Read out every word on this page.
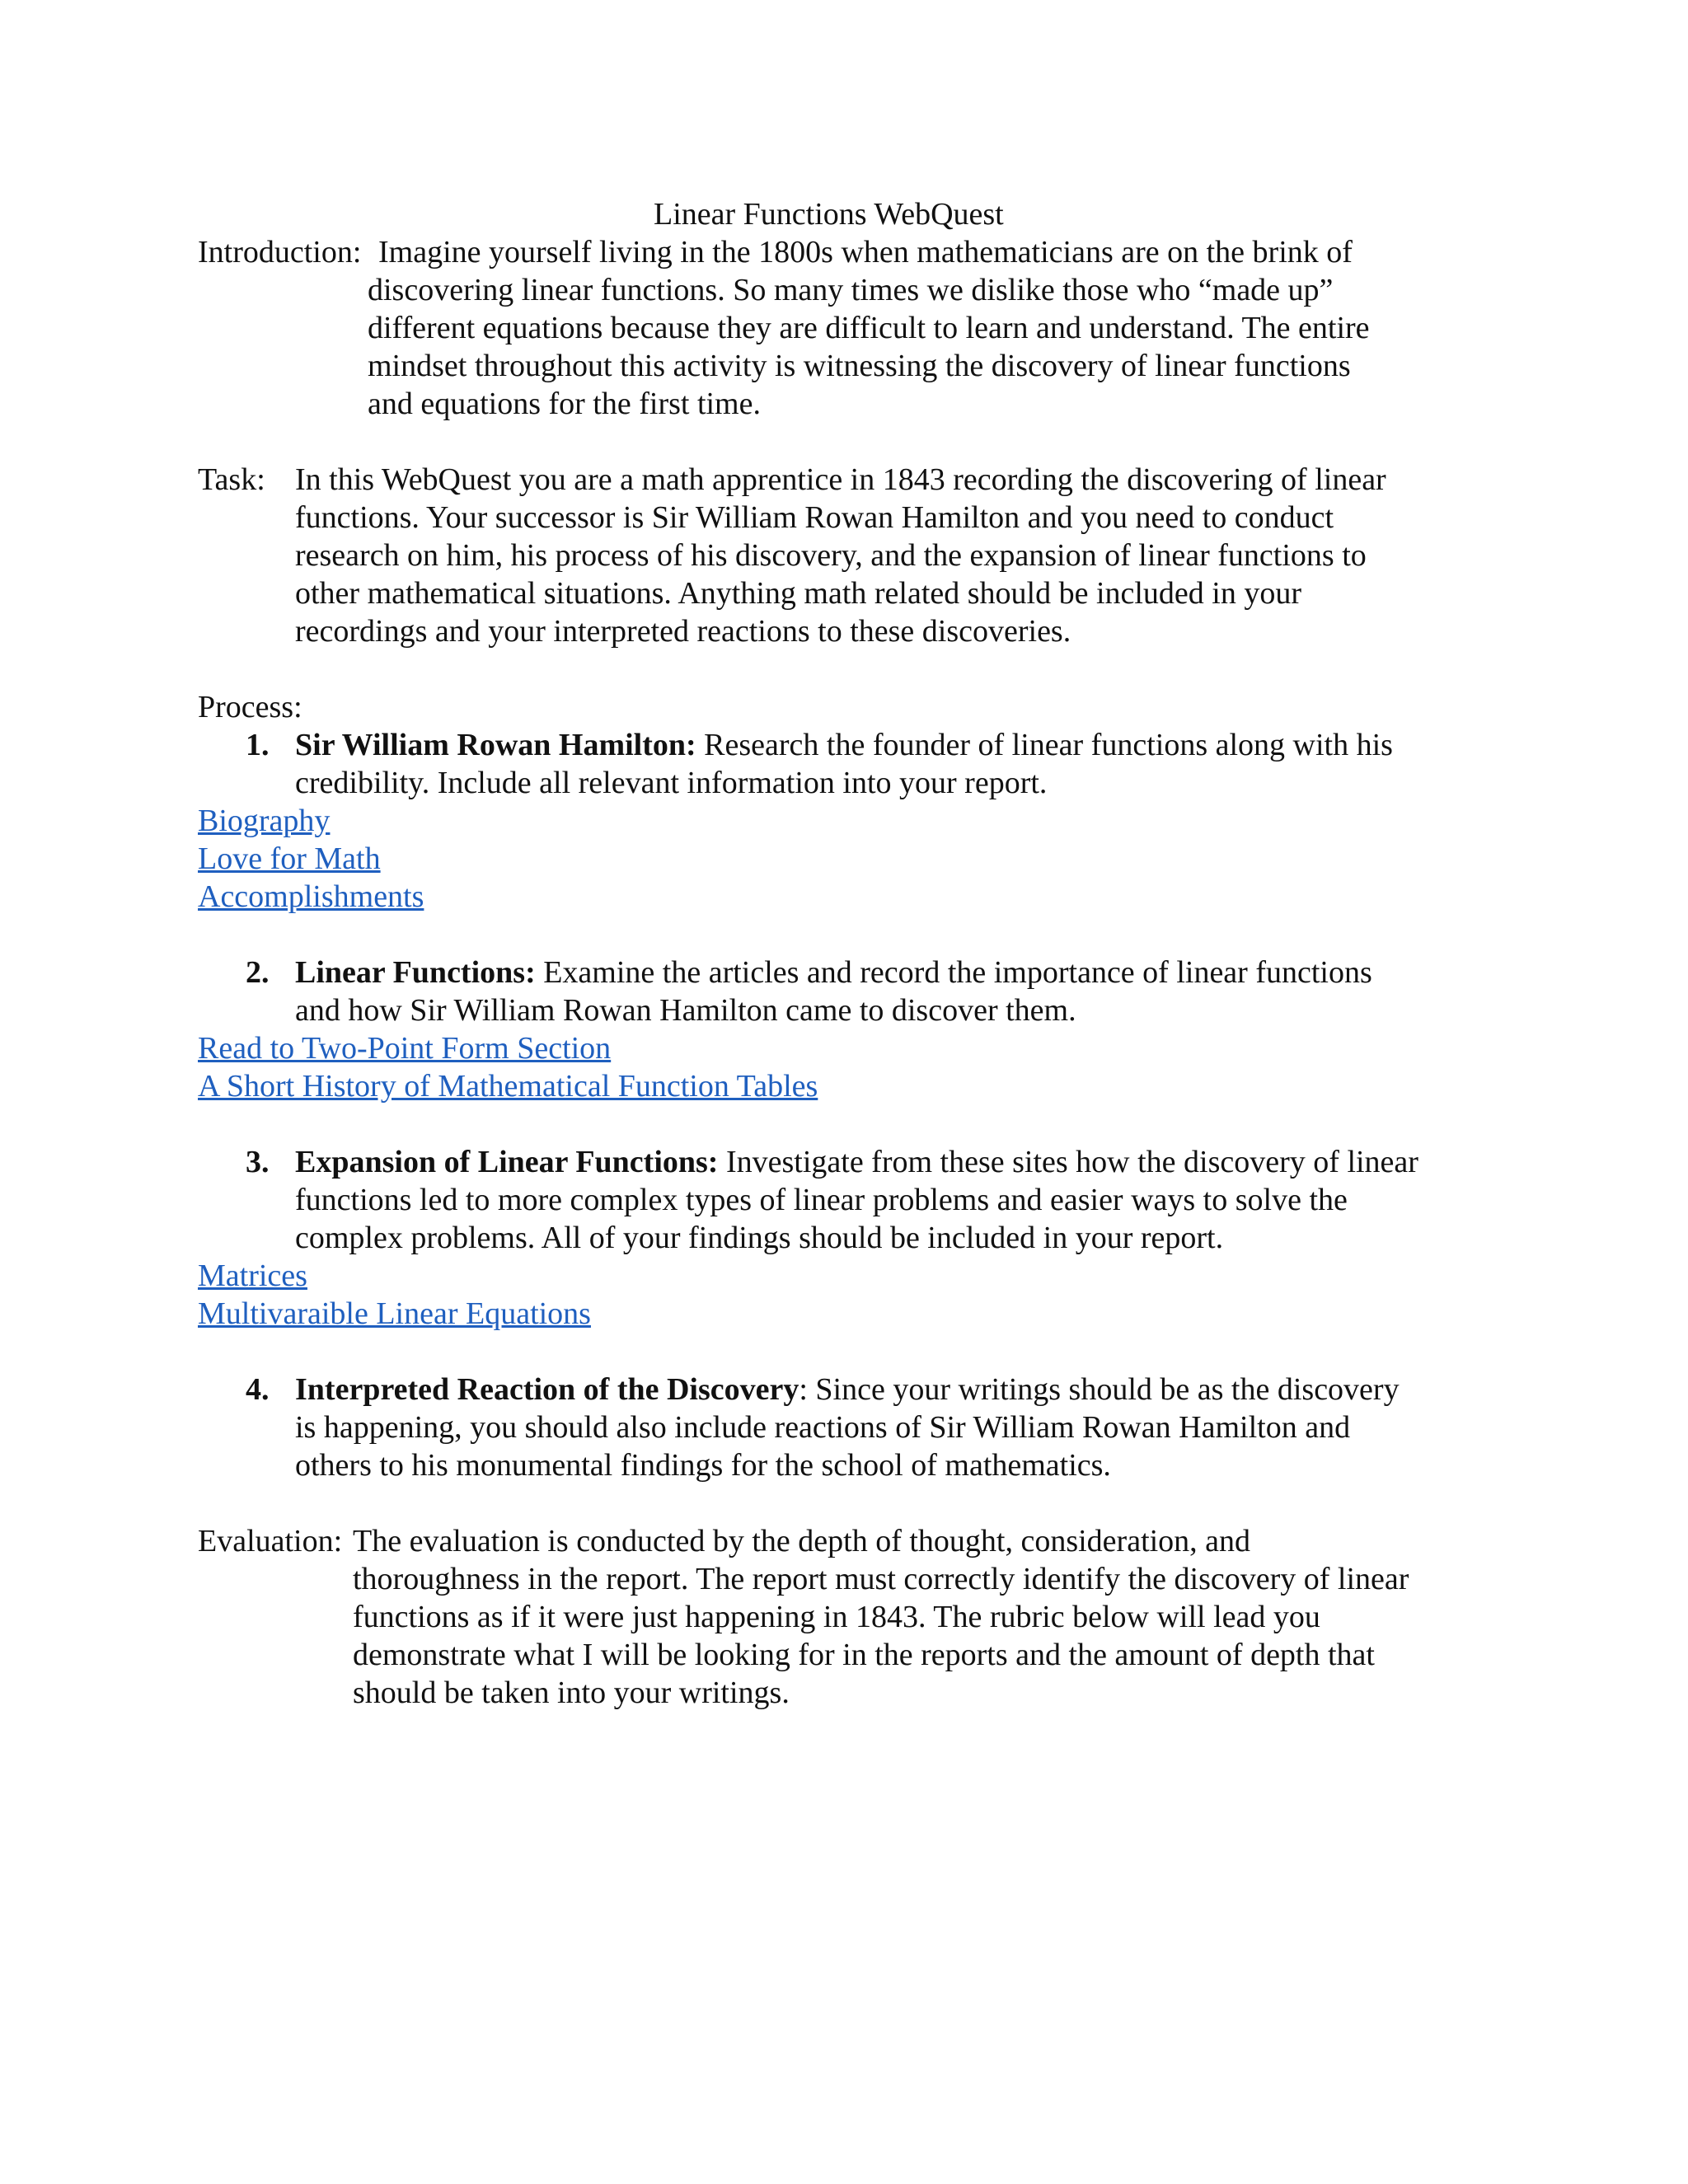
Linear Functions WebQuest
Introduction: Imagine yourself living in the 1800s when mathematicians are on the brink of
discovering linear functions. So many times we dislike those who “made up”
different equations because they are difficult to learn and understand. The entire
mindset throughout this activity is witnessing the discovery of linear functions
and equations for the first time.
Task: In this WebQuest you are a math apprentice in 1843 recording the discovering of linear
functions. Your successor is Sir William Rowan Hamilton and you need to conduct
research on him, his process of his discovery, and the expansion of linear functions to
other mathematical situations. Anything math related should be included in your
recordings and your interpreted reactions to these discoveries.
Process:
1. Sir William Rowan Hamilton: Research the founder of linear functions along with his
credibility. Include all relevant information into your report.
Biography
Love for Math
Accomplishments
2. Linear Functions: Examine the articles and record the importance of linear functions
and how Sir William Rowan Hamilton came to discover them.
Read to Two-Point Form Section
A Short History of Mathematical Function Tables
3. Expansion of Linear Functions: Investigate from these sites how the discovery of linear
functions led to more complex types of linear problems and easier ways to solve the
complex problems. All of your findings should be included in your report.
Matrices
Multivaraible Linear Equations
4. Interpreted Reaction of the Discovery: Since your writings should be as the discovery
is happening, you should also include reactions of Sir William Rowan Hamilton and
others to his monumental findings for the school of mathematics.
Evaluation: The evaluation is conducted by the depth of thought, consideration, and
thoroughness in the report. The report must correctly identify the discovery of linear
functions as if it were just happening in 1843. The rubric below will lead you
demonstrate what I will be looking for in the reports and the amount of depth that
should be taken into your writings.
